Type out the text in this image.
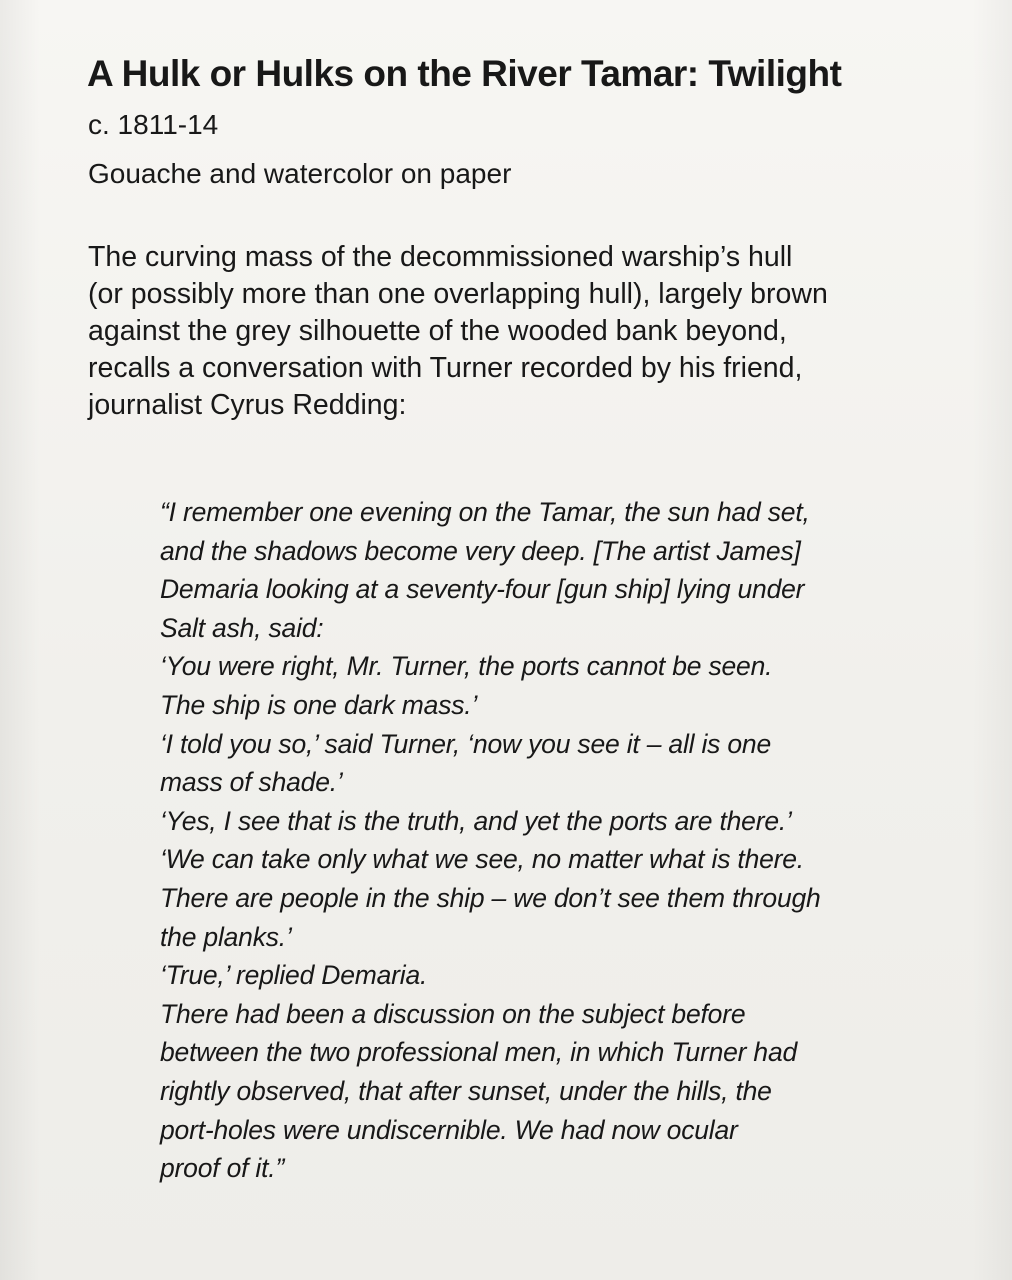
A Hulk or Hulks on the River Tamar: Twilight
c. 1811-14
Gouache and watercolor on paper

The curving mass of the decommissioned warship’s hull
(or possibly more than one overlapping hull), largely brown
against the grey silhouette of the wooded bank beyond,
recalls a conversation with Turner recorded by his friend,
journalist Cyrus Redding:

“I remember one evening on the Tamar, the sun had set,
and the shadows become very deep. [The artist James]
Demaria looking at a seventy-four [gun ship] lying under
Salt ash, said:
‘You were right, Mr. Turner, the ports cannot be seen.
The ship is one dark mass.’
‘I told you so,’ said Turner, ‘now you see it – all is one
mass of shade.’
‘Yes, I see that is the truth, and yet the ports are there.’
‘We can take only what we see, no matter what is there.
There are people in the ship – we don’t see them through
the planks.’
‘True,’ replied Demaria.
There had been a discussion on the subject before
between the two professional men, in which Turner had
rightly observed, that after sunset, under the hills, the
port-holes were undiscernible. We had now ocular
proof of it.”
